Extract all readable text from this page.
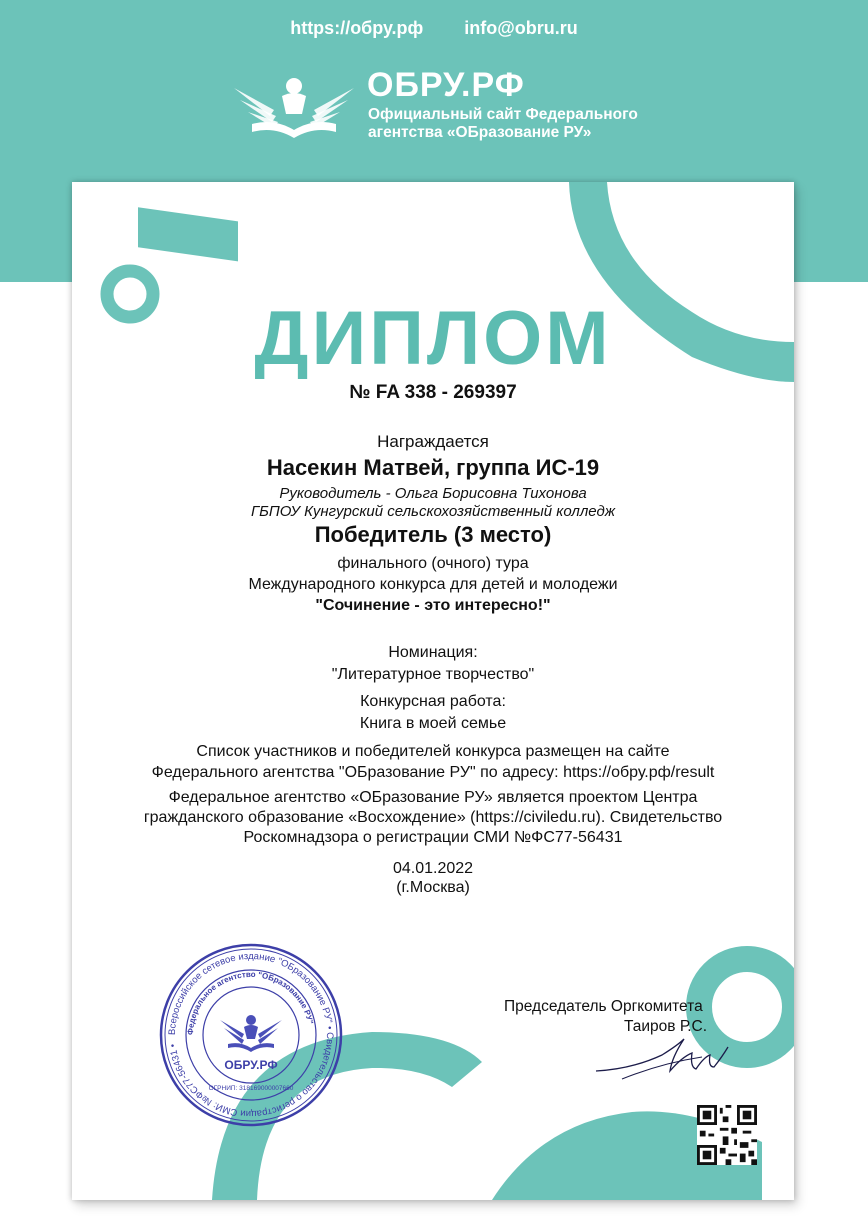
https://обру.рф info@obru.ru
ОБРУ.РФ
Официальный сайт Федерального
агентства «ОБразование РУ»
ДИПЛОМ
№ FA 338 - 269397
Награждается
Насекин Матвей, группа ИС-19
Руководитель - Ольга Борисовна Тихонова
ГБПОУ Кунгурский сельскохозяйственный колледж
Победитель (3 место)
финального (очного) тура
Международного конкурса для детей и молодежи
"Сочинение - это интересно!"
Номинация:
"Литературное творчество"
Конкурсная работа:
Книга в моей семье
Список участников и победителей конкурса размещен на сайте
Федерального агентства "ОБразование РУ" по адресу: https://обру.рф/result
Федеральное агентство «ОБразование РУ» является проектом Центра
гражданского образование «Восхождение» (https://civiledu.ru). Свидетельство
Роскомнадзора о регистрации СМИ №ФС77-56431
04.01.2022
(г.Москва)
Председатель Оргкомитета
Таиров Р.С.
Всероссийское сетевое издание "ОБразование РУ" • Свидетельство о регистрации СМИ: №ФС77-56431 •
Федеральное агентство "ОБразование РУ"
ОБРУ.РФ
ОГРНИП: 318169000007660
